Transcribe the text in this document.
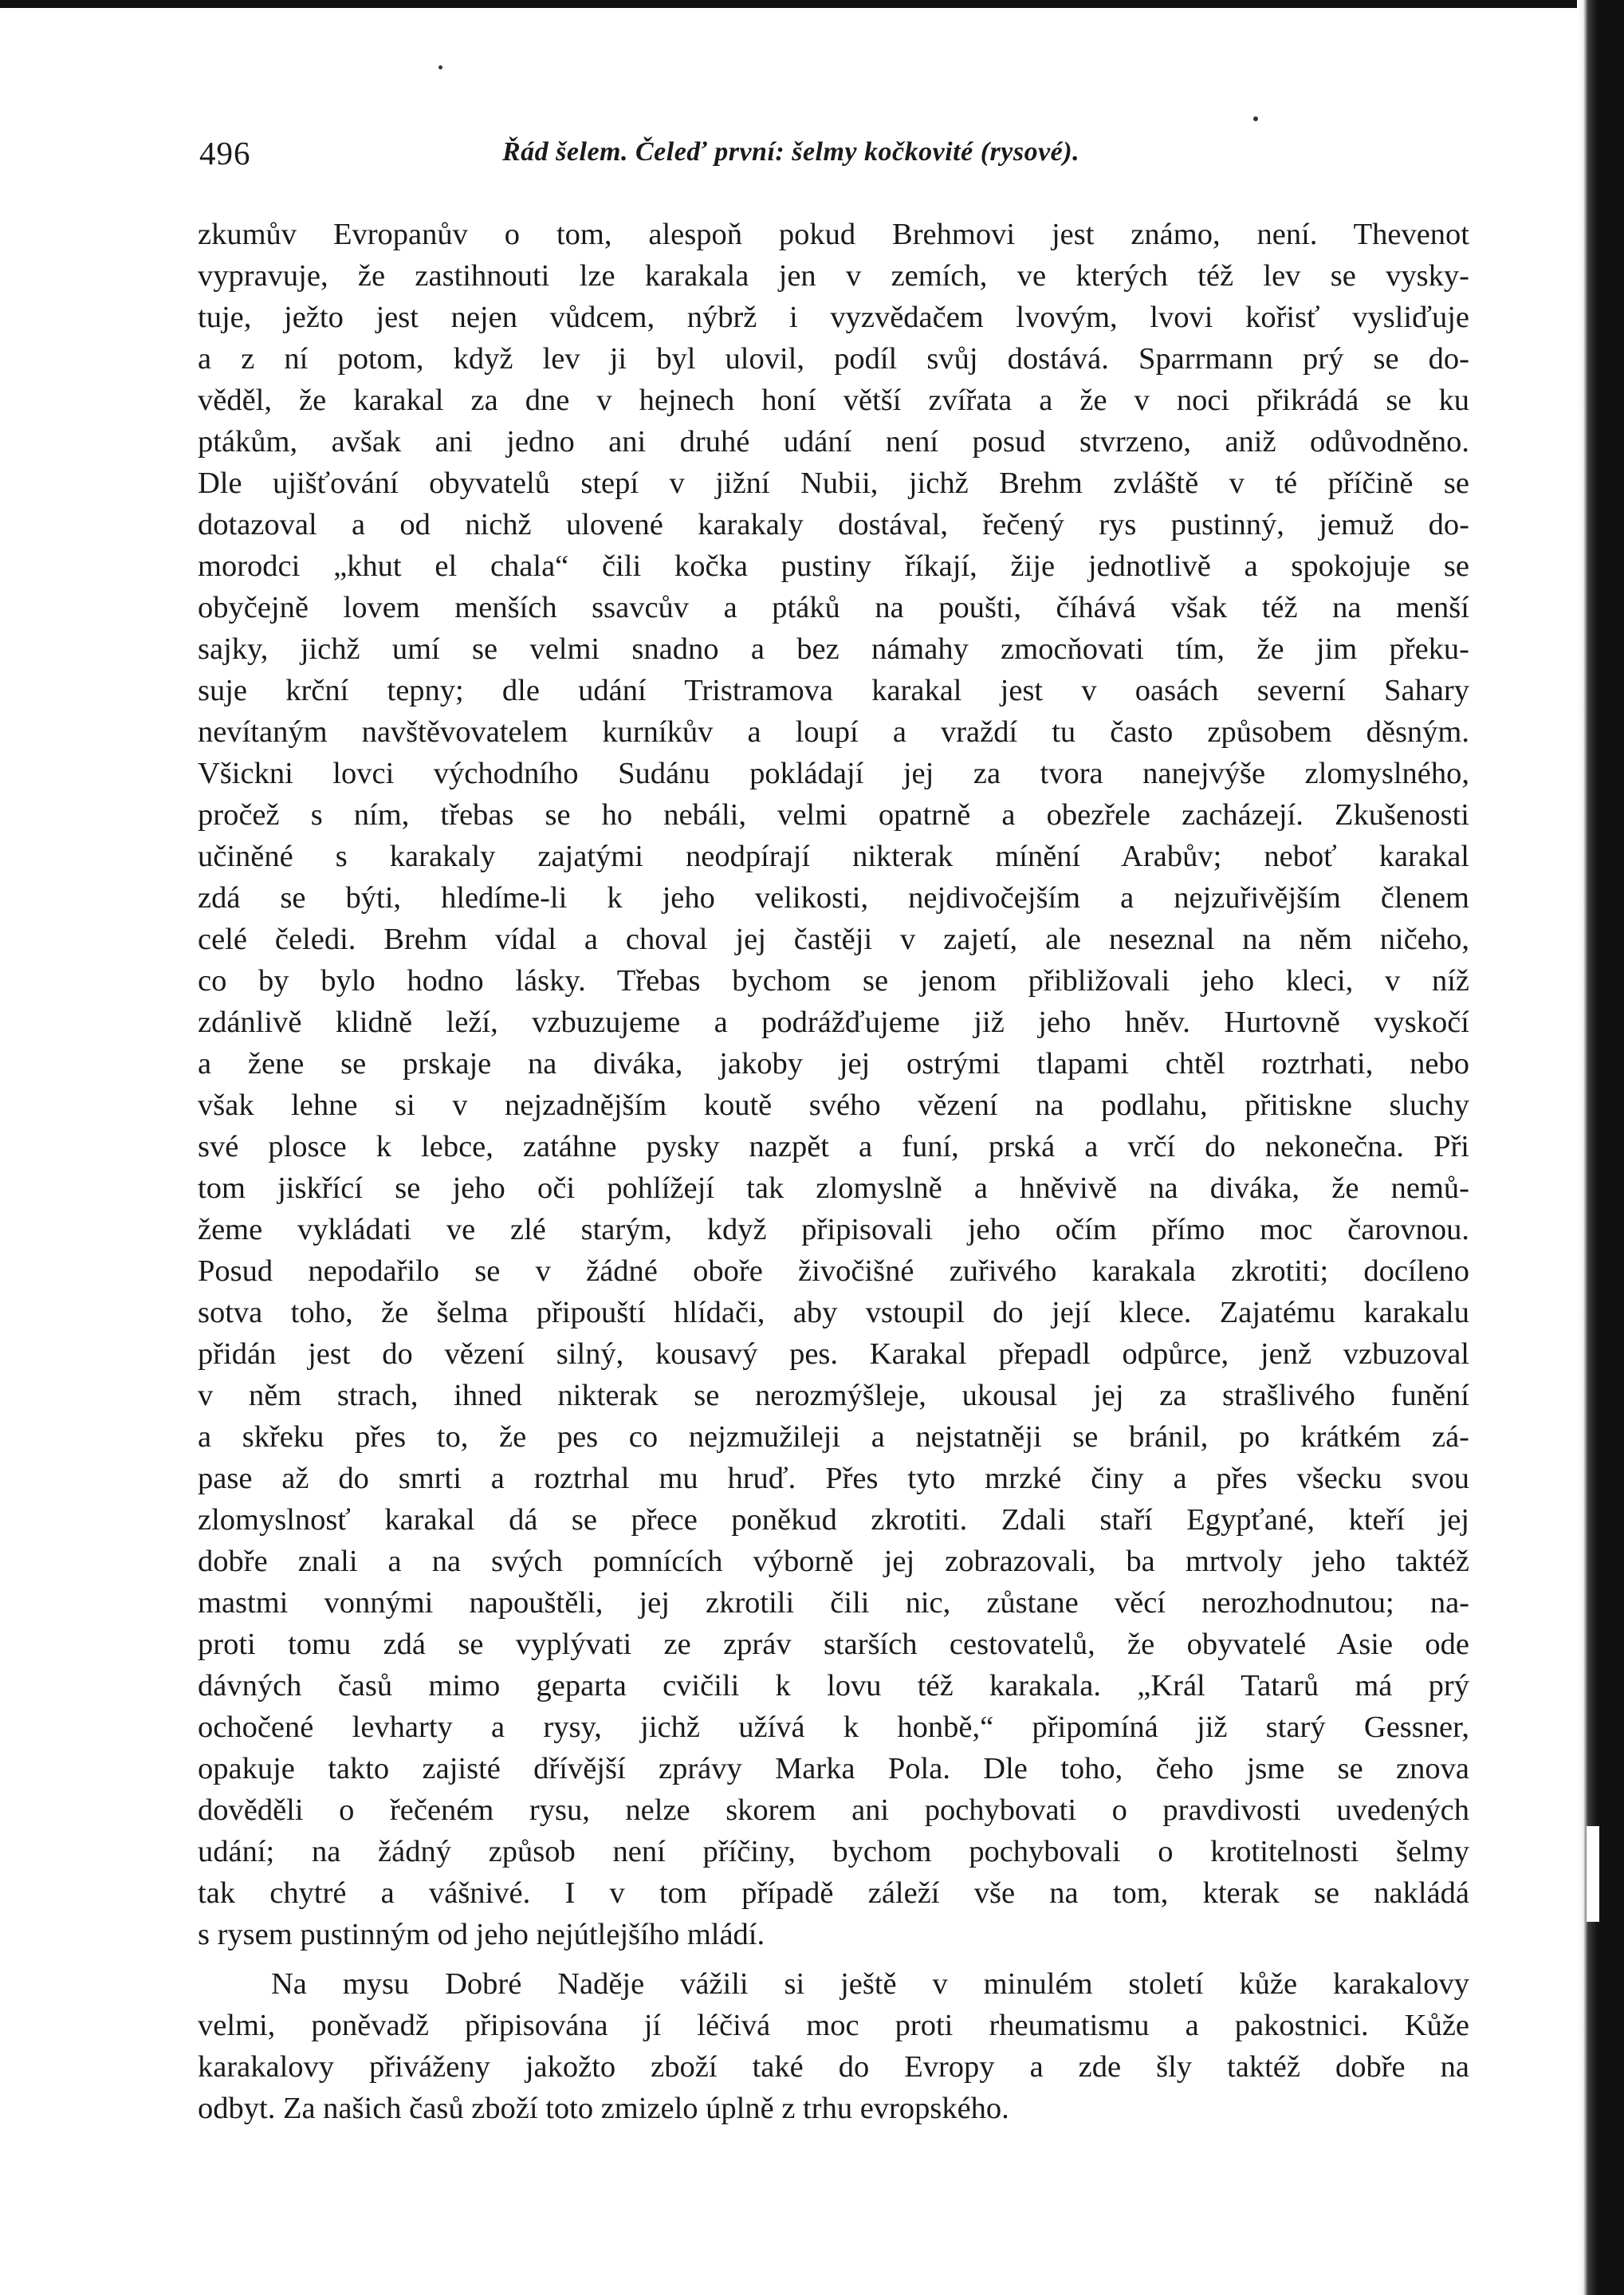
496	Řád šelem. Čeleď první: šelmy kočkovité (rysové).
zkumův Evropanův o tom, alespoň pokud Brehmovi jest známo, není. Thevenot
vypravuje, že zastihnouti lze karakala jen v zemích, ve kterých též lev se vysky-
tuje, ježto jest nejen vůdcem, nýbrž i vyzvědačem lvovým, lvovi kořisť vysliďuje
a z ní potom, když lev ji byl ulovil, podíl svůj dostává. Sparrmann prý se do-
věděl, že karakal za dne v hejnech honí větší zvířata a že v noci přikrádá se ku
ptákům, avšak ani jedno ani druhé udání není posud stvrzeno, aniž odůvodněno.
Dle ujišťování obyvatelů stepí v jižní Nubii, jichž Brehm zvláště v té příčině se
dotazoval a od nichž ulovené karakaly dostával, řečený rys pustinný, jemuž do-
morodci „khut el chala“ čili kočka pustiny říkají, žije jednotlivě a spokojuje se
obyčejně lovem menších ssavcův a ptáků na poušti, číhává však též na menší
sajky, jichž umí se velmi snadno a bez námahy zmocňovati tím, že jim překu-
suje krční tepny; dle udání Tristramova karakal jest v oasách severní Sahary
nevítaným navštěvovatelem kurníkův a loupí a vraždí tu často způsobem děsným.
Všickni lovci východního Sudánu pokládají jej za tvora nanejvýše zlomyslného,
pročež s ním, třebas se ho nebáli, velmi opatrně a obezřele zacházejí. Zkušenosti
učiněné s karakaly zajatými neodpírají nikterak mínění Arabův; neboť karakal
zdá se býti, hledíme-li k jeho velikosti, nejdivočejším a nejzuřivějším členem
celé čeledi. Brehm vídal a choval jej častěji v zajetí, ale neseznal na něm ničeho,
co by bylo hodno lásky. Třebas bychom se jenom přibližovali jeho kleci, v níž
zdánlivě klidně leží, vzbuzujeme a podrážďujeme již jeho hněv. Hurtovně vyskočí
a žene se prskaje na diváka, jakoby jej ostrými tlapami chtěl roztrhati, nebo
však lehne si v nejzadnějším koutě svého vězení na podlahu, přitiskne sluchy
své plosce k lebce, zatáhne pysky nazpět a funí, prská a vrčí do nekonečna. Při
tom jiskřící se jeho oči pohlížejí tak zlomyslně a hněvivě na diváka, že nemů-
žeme vykládati ve zlé starým, když připisovali jeho očím přímo moc čarovnou.
Posud nepodařilo se v žádné oboře živočišné zuřivého karakala zkrotiti; docíleno
sotva toho, že šelma připouští hlídači, aby vstoupil do její klece. Zajatému karakalu
přidán jest do vězení silný, kousavý pes. Karakal přepadl odpůrce, jenž vzbuzoval
v něm strach, ihned nikterak se nerozmýšleje, ukousal jej za strašlivého funění
a skřeku přes to, že pes co nejzmužileji a nejstatněji se bránil, po krátkém zá-
pase až do smrti a roztrhal mu hruď. Přes tyto mrzké činy a přes všecku svou
zlomyslnosť karakal dá se přece poněkud zkrotiti. Zdali staří Egypťané, kteří jej
dobře znali a na svých pomnících výborně jej zobrazovali, ba mrtvoly jeho taktéž
mastmi vonnými napouštěli, jej zkrotili čili nic, zůstane věcí nerozhodnutou; na-
proti tomu zdá se vyplývati ze zpráv starších cestovatelů, že obyvatelé Asie ode
dávných časů mimo geparta cvičili k lovu též karakala. „Král Tatarů má prý
ochočené levharty a rysy, jichž užívá k honbě,“ připomíná již starý Gessner,
opakuje takto zajisté dřívější zprávy Marka Pola. Dle toho, čeho jsme se znova
dověděli o řečeném rysu, nelze skorem ani pochybovati o pravdivosti uvedených
udání; na žádný způsob není příčiny, bychom pochybovali o krotitelnosti šelmy
tak chytré a vášnivé. I v tom případě záleží vše na tom, kterak se nakládá
s rysem pustinným od jeho nejútlejšího mládí.
Na mysu Dobré Naděje vážili si ještě v minulém století kůže karakalovy
velmi, poněvadž připisována jí léčivá moc proti rheumatismu a pakostnici. Kůže
karakalovy přiváženy jakožto zboží také do Evropy a zde šly taktéž dobře na
odbyt. Za našich časů zboží toto zmizelo úplně z trhu evropského.
